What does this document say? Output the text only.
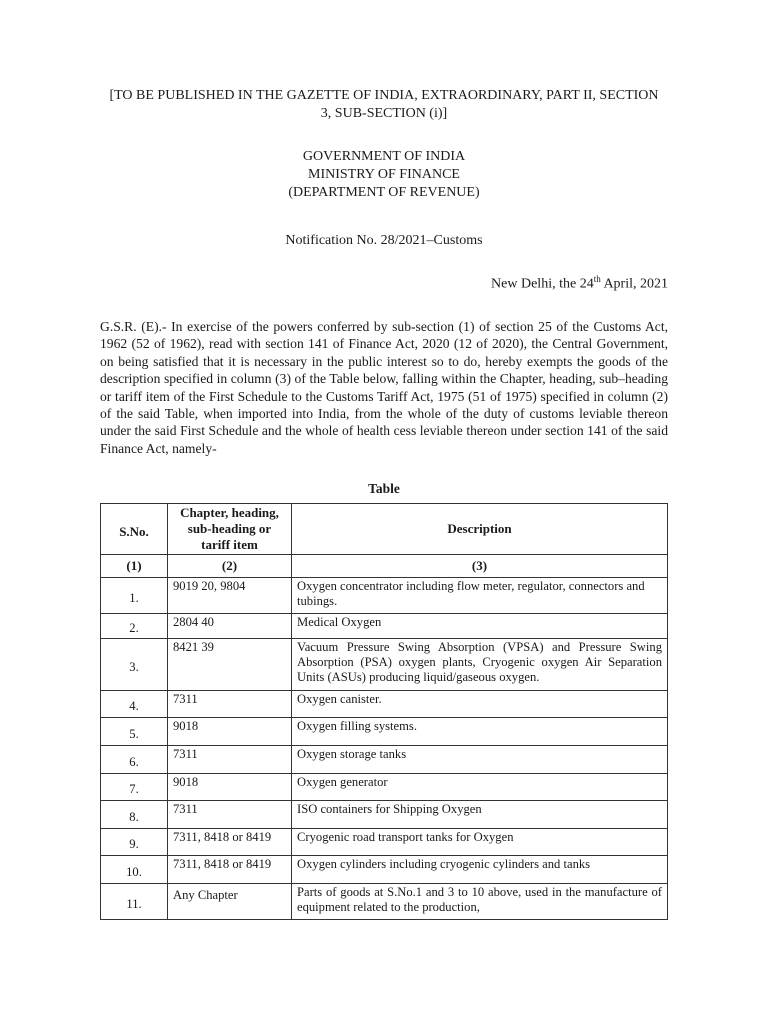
[TO BE PUBLISHED IN THE GAZETTE OF INDIA, EXTRAORDINARY, PART II, SECTION
3, SUB-SECTION (i)]
GOVERNMENT OF INDIA
MINISTRY OF FINANCE
(DEPARTMENT OF REVENUE)
Notification No. 28/2021–Customs
New Delhi, the 24th April, 2021
G.S.R. (E).- In exercise of the powers conferred by sub-section (1) of section 25 of the Customs Act, 1962 (52 of 1962), read with section 141 of Finance Act, 2020 (12 of 2020), the Central Government, on being satisfied that it is necessary in the public interest so to do, hereby exempts the goods of the description specified in column (3) of the Table below, falling within the Chapter, heading, sub–heading or tariff item of the First Schedule to the Customs Tariff Act, 1975 (51 of 1975) specified in column (2) of the said Table, when imported into India, from the whole of the duty of customs leviable thereon under the said First Schedule and the whole of health cess leviable thereon under section 141 of the said Finance Act, namely-
Table
S.No.	Chapter, heading, sub-heading or tariff item	Description
(1)	(2)	(3)
1.	9019 20, 9804	Oxygen concentrator including flow meter, regulator, connectors and tubings.
2.	2804 40	Medical Oxygen
3.	8421 39	Vacuum Pressure Swing Absorption (VPSA) and Pressure Swing Absorption (PSA) oxygen plants, Cryogenic oxygen Air Separation Units (ASUs) producing liquid/gaseous oxygen.
4.	7311	Oxygen canister.
5.	9018	Oxygen filling systems.
6.	7311	Oxygen storage tanks
7.	9018	Oxygen generator
8.	7311	ISO containers for Shipping Oxygen
9.	7311, 8418 or 8419	Cryogenic road transport tanks for Oxygen
10.	7311, 8418 or 8419	Oxygen cylinders including cryogenic cylinders and tanks
11.	Any Chapter	Parts of goods at S.No.1 and 3 to 10 above, used in the manufacture of equipment related to the production,
